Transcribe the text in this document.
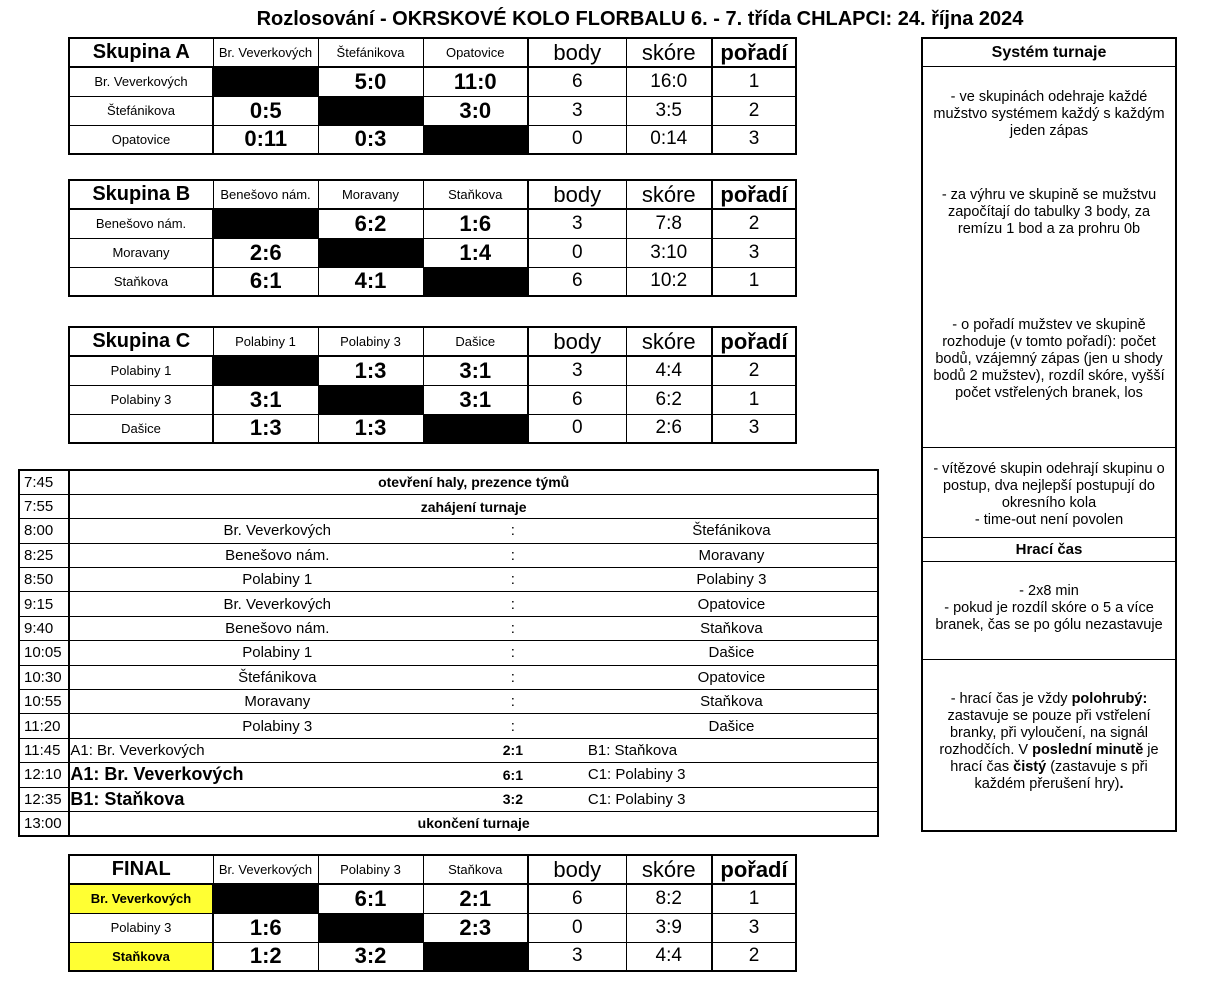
Rozlosování - OKRSKOVÉ KOLO FLORBALU 6. - 7. třída CHLAPCI: 24. října 2024
Skupina A	Br. Veverkových	Štefánikova	Opatovice	body	skóre	pořadí
Br. Veverkových		5:0	11:0	6	16:0	1
Štefánikova	0:5		3:0	3	3:5	2
Opatovice	0:11	0:3		0	0:14	3
Skupina B	Benešovo nám.	Moravany	Staňkova	body	skóre	pořadí
Benešovo nám.		6:2	1:6	3	7:8	2
Moravany	2:6		1:4	0	3:10	3
Staňkova	6:1	4:1		6	10:2	1
Skupina C	Polabiny 1	Polabiny 3	Dašice	body	skóre	pořadí
Polabiny 1		1:3	3:1	3	4:4	2
Polabiny 3	3:1		3:1	6	6:2	1
Dašice	1:3	1:3		0	2:6	3
FINAL	Br. Veverkových	Polabiny 3	Staňkova	body	skóre	pořadí
Br. Veverkových		6:1	2:1	6	8:2	1
Polabiny 3	1:6		2:3	0	3:9	3
Staňkova	1:2	3:2		3	4:4	2
7:45	otevření haly, prezence týmů				
7:55	zahájení turnaje				
8:00		Br. Veverkových	:		Štefánikova
8:25		Benešovo nám.	:		Moravany
8:50		Polabiny 1	:		Polabiny 3
9:15		Br. Veverkových	:		Opatovice
9:40		Benešovo nám.	:		Staňkova
10:05		Polabiny 1	:		Dašice
10:30		Štefánikova	:		Opatovice
10:55		Moravany	:		Staňkova
11:20		Polabiny 3	:		Dašice
11:45	A1: Br. Veverkových		2:1		B1: Staňkova
12:10	A1: Br. Veverkových		6:1		C1: Polabiny 3
12:35	B1: Staňkova		3:2		C1: Polabiny 3
13:00	ukončení turnaje				
Systém turnaje
- ve skupinách odehraje každé mužstvo systémem každý s každým jeden zápas
- za výhru ve skupině se mužstvu započítají do tabulky 3 body, za remízu 1 bod a za prohru 0b
- o pořadí mužstev ve skupině rozhoduje (v tomto pořadí): počet bodů, vzájemný zápas (jen u shody bodů 2 mužstev), rozdíl skóre, vyšší počet vstřelených branek, los
- vítězové skupin odehrají skupinu o postup, dva nejlepší postupují do okresního kola
- time-out není povolen
Hrací čas
- 2x8 min
- pokud je rozdíl skóre o 5 a více branek, čas se po gólu nezastavuje
- hrací čas je vždy polohrubý: zastavuje se pouze při vstřelení branky, při vyloučení, na signál rozhodčích. V poslední minutě je hrací čas čistý (zastavuje s při každém přerušení hry).
